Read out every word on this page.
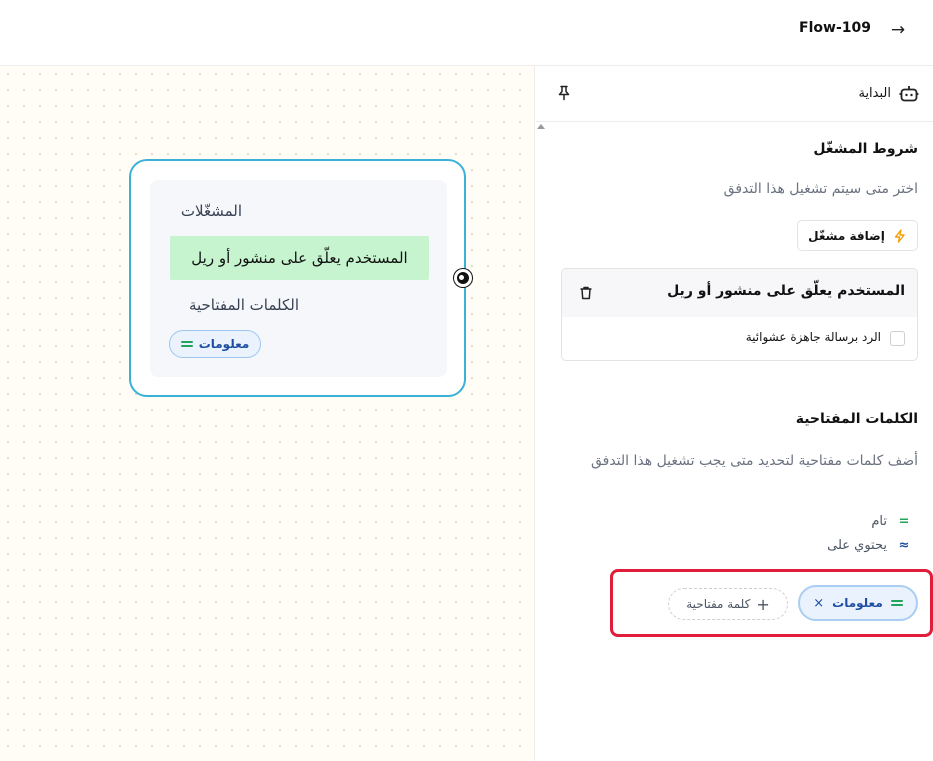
Flow-109 →
المشغّلات
المستخدم يعلّق على منشور أو ريل
الكلمات المفتاحية
معلومات
البداية
شروط المشغّل
اختر متى سيتم تشغيل هذا التدفق
إضافة مشغّل
المستخدم يعلّق على منشور أو ريل
الرد برسالة جاهزة عشوائية
الكلمات المفتاحية
أضف كلمات مفتاحية لتحديد متى يجب تشغيل هذا التدفق
=
تام
≈
يحتوي على
معلومات
×
+
كلمة مفتاحية
